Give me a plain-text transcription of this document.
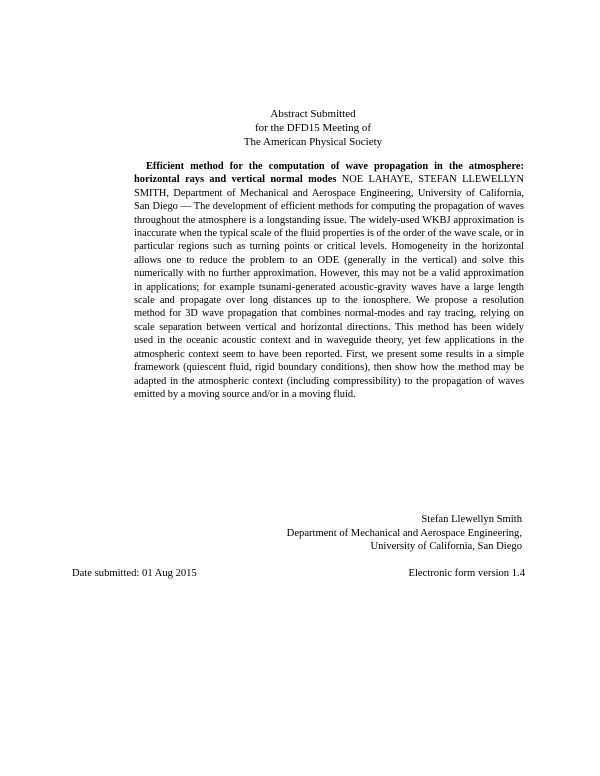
Abstract Submitted
for the DFD15 Meeting of
The American Physical Society
Efficient method for the computation of wave propagation in the atmosphere: horizontal rays and vertical normal modes NOE LAHAYE, STEFAN LLEWELLYN SMITH, Department of Mechanical and Aerospace Engineering, University of California, San Diego — The development of efficient methods for computing the propagation of waves throughout the atmosphere is a longstanding issue. The widely-used WKBJ approximation is inaccurate when the typical scale of the fluid properties is of the order of the wave scale, or in particular regions such as turning points or critical levels. Homogeneity in the horizontal allows one to reduce the problem to an ODE (generally in the vertical) and solve this numerically with no further approximation. However, this may not be a valid approximation in applications; for example tsunami-generated acoustic-gravity waves have a large length scale and propagate over long distances up to the ionosphere. We propose a resolution method for 3D wave propagation that combines normal-modes and ray tracing, relying on scale separation between vertical and horizontal directions. This method has been widely used in the oceanic acoustic context and in waveguide theory, yet few applications in the atmospheric context seem to have been reported. First, we present some results in a simple framework (quiescent fluid, rigid boundary conditions), then show how the method may be adapted in the atmospheric context (including compressibility) to the propagation of waves emitted by a moving source and/or in a moving fluid.
Stefan Llewellyn Smith
Department of Mechanical and Aerospace Engineering,
University of California, San Diego
Date submitted: 01 Aug 2015	Electronic form version 1.4
